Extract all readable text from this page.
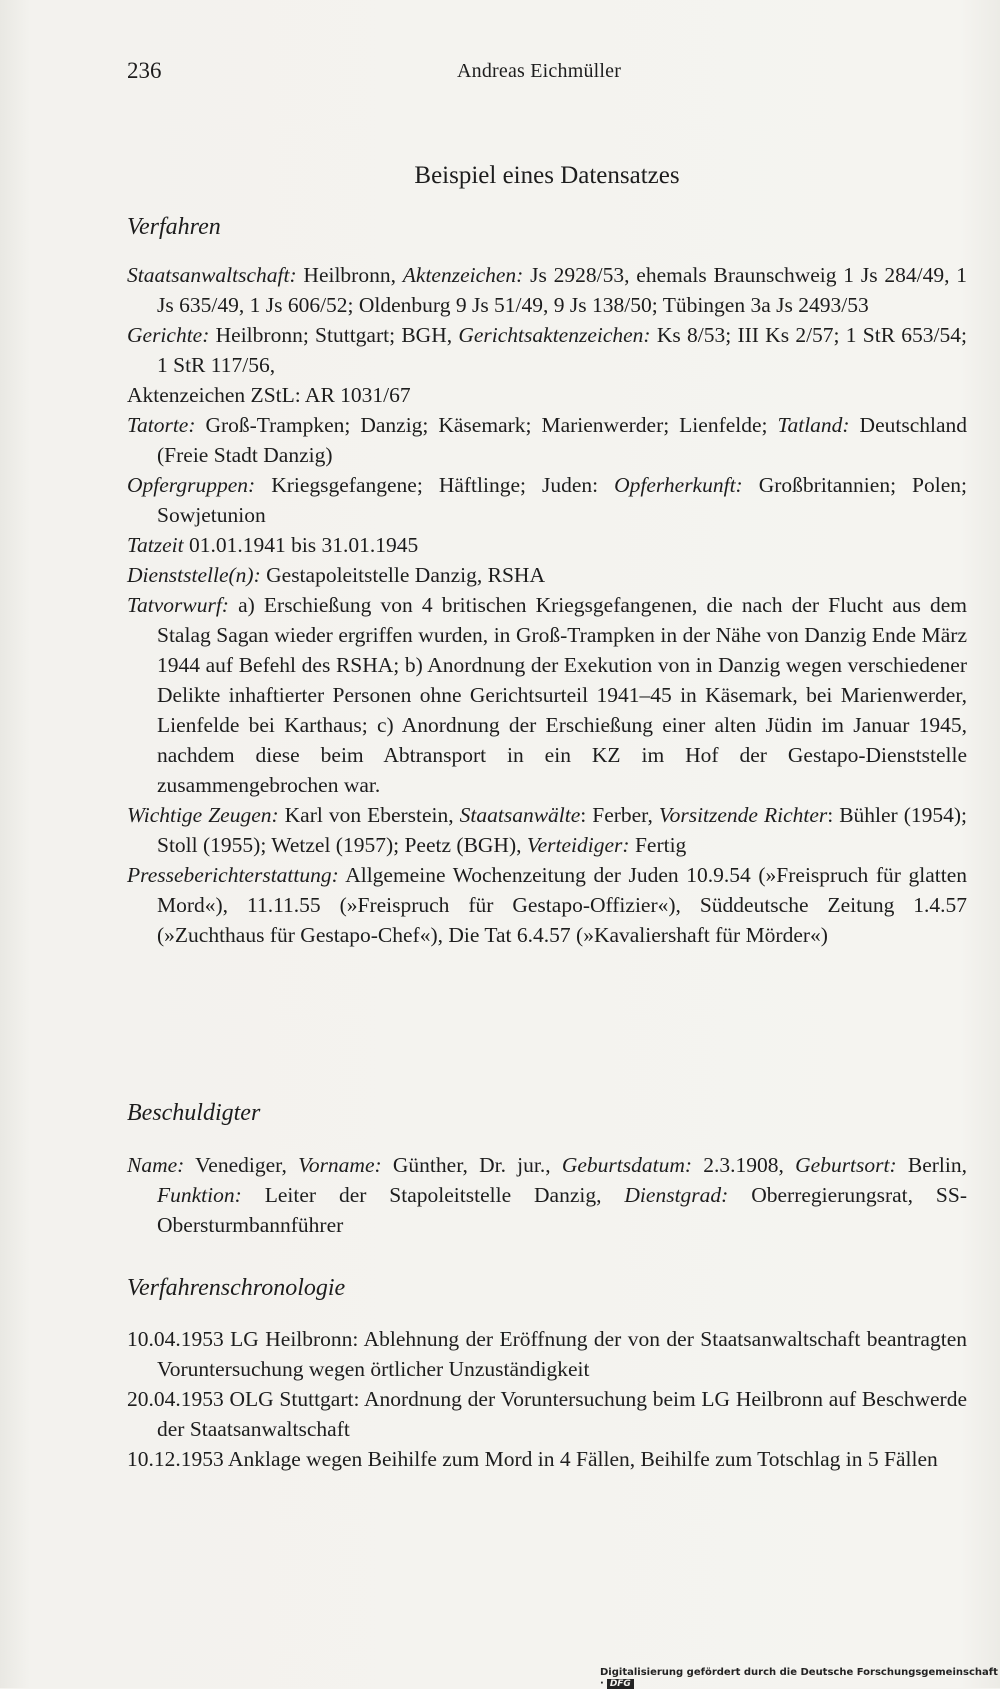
236	Andreas Eichmüller
Beispiel eines Datensatzes
Verfahren

Staatsanwaltschaft: Heilbronn, Aktenzeichen: Js 2928/53, ehemals Braunschweig 1 Js 284/49, 1 Js 635/49, 1 Js 606/52; Oldenburg 9 Js 51/49, 9 Js 138/50; Tübingen 3a Js 2493/53

Gerichte: Heilbronn; Stuttgart; BGH, Gerichtsaktenzeichen: Ks 8/53; III Ks 2/57; 1 StR 653/54; 1 StR 117/56,

Aktenzeichen ZStL: AR 1031/67

Tatorte: Groß-Trampken; Danzig; Käsemark; Marienwerder; Lienfelde; Tatland: Deutschland (Freie Stadt Danzig)

Opfergruppen: Kriegsgefangene; Häftlinge; Juden: Opferherkunft: Großbritannien; Polen; Sowjetunion

Tatzeit 01.01.1941 bis 31.01.1945

Dienststelle(n): Gestapoleitstelle Danzig, RSHA

Tatvorwurf: a) Erschießung von 4 britischen Kriegsgefangenen, die nach der Flucht aus dem Stalag Sagan wieder ergriffen wurden, in Groß-Trampken in der Nähe von Danzig Ende März 1944 auf Befehl des RSHA; b) Anordnung der Exekution von in Danzig wegen verschiedener Delikte inhaftierter Personen ohne Gerichtsurteil 1941–45 in Käsemark, bei Marienwerder, Lienfelde bei Karthaus; c) Anordnung der Erschießung einer alten Jüdin im Januar 1945, nachdem diese beim Abtransport in ein KZ im Hof der Gestapo-Dienststelle zusammengebrochen war.

Wichtige Zeugen: Karl von Eberstein, Staatsanwälte: Ferber, Vorsitzende Richter: Bühler (1954); Stoll (1955); Wetzel (1957); Peetz (BGH), Verteidiger: Fertig

Presseberichterstattung: Allgemeine Wochenzeitung der Juden 10.9.54 (»Freispruch für glatten Mord«), 11.11.55 (»Freispruch für Gestapo-Offizier«), Süddeutsche Zeitung 1.4.57 (»Zuchthaus für Gestapo-Chef«), Die Tat 6.4.57 (»Kavaliershaft für Mörder«)

Beschuldigter

Name: Venediger, Vorname: Günther, Dr. jur., Geburtsdatum: 2.3.1908, Geburtsort: Berlin, Funktion: Leiter der Stapoleitstelle Danzig, Dienstgrad: Oberregierungsrat, SS-Obersturmbannführer

Verfahrenschronologie

10.04.1953 LG Heilbronn: Ablehnung der Eröffnung der von der Staatsanwaltschaft beantragten Voruntersuchung wegen örtlicher Unzuständigkeit

20.04.1953 OLG Stuttgart: Anordnung der Voruntersuchung beim LG Heilbronn auf Beschwerde der Staatsanwaltschaft

10.12.1953 Anklage wegen Beihilfe zum Mord in 4 Fällen, Beihilfe zum Totschlag in 5 Fällen

Digitalisierung gefördert durch die Deutsche Forschungsgemeinschaft · DFG
